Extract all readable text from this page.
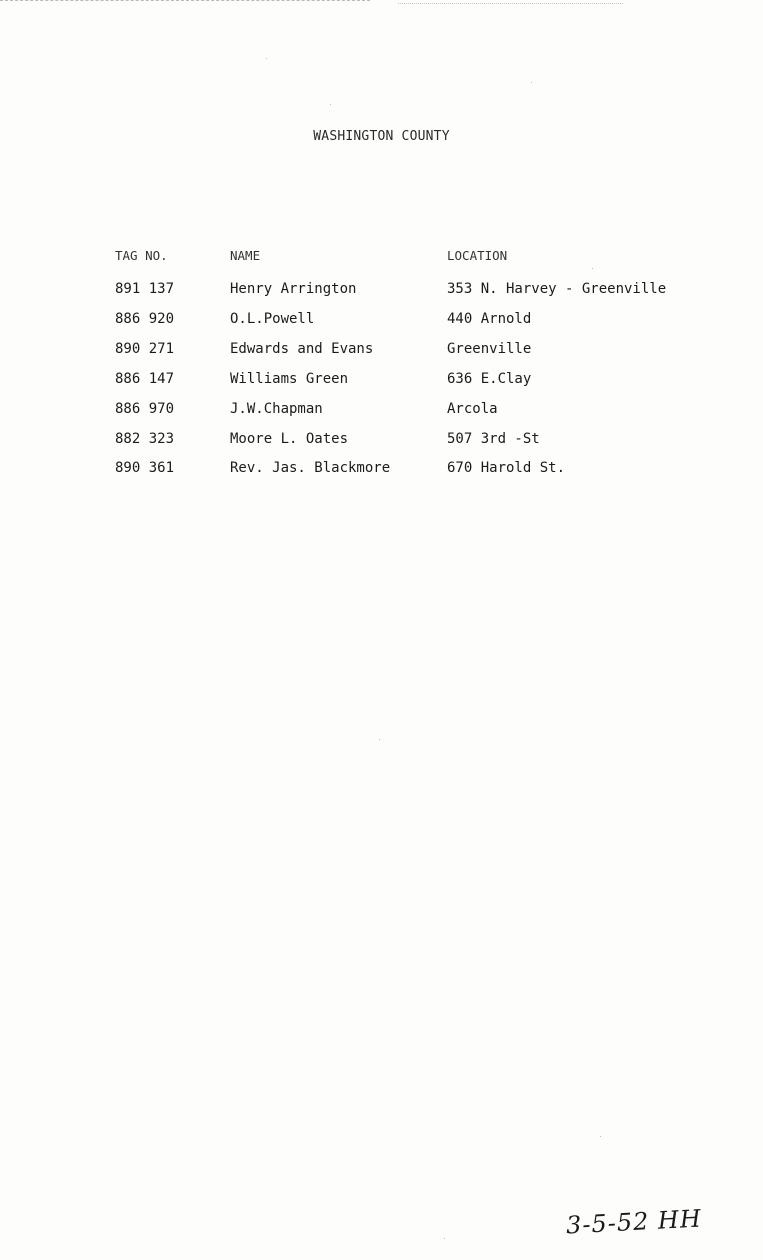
WASHINGTON COUNTY
TAG NO.	NAME	LOCATION
891 137	Henry Arrington	353 N. Harvey - Greenville
886 920	O.L.Powell	440 Arnold
890 271	Edwards and Evans	Greenville
886 147	Williams Green	636 E.Clay
886 970	J.W.Chapman	Arcola
882 323	Moore L. Oates	507 3rd -St
890 361	Rev. Jas. Blackmore	670 Harold St.
3-5-52 HH
